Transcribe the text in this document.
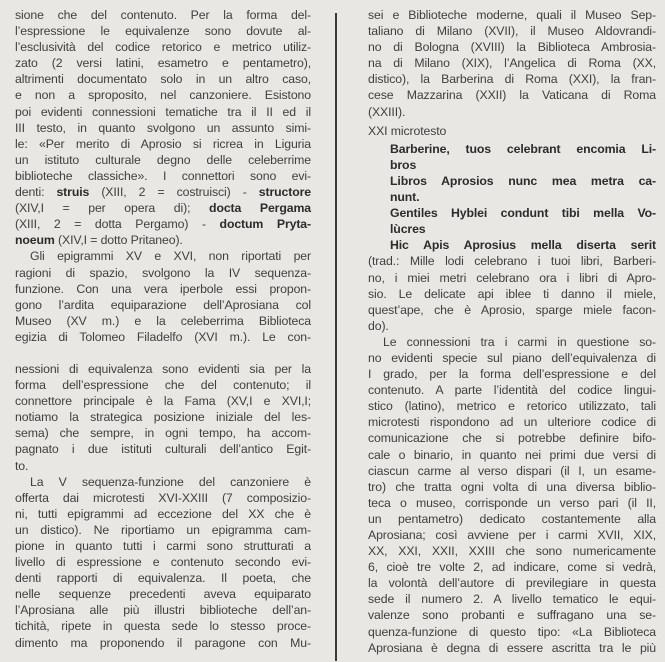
sione che del contenuto. Per la forma del-
l’espressione le equivalenze sono dovute al-
l’esclusività del codice retorico e metrico utiliz-
zato (2 versi latini, esametro e pentametro),
altrimenti documentato solo in un altro caso,
e non a sproposito, nel canzoniere. Esistono
poi evidenti connessioni tematiche tra il II ed il
III testo, in quanto svolgono un assunto simi-
le: «Per merito di Aprosio si ricrea in Liguria
un istituto culturale degno delle celeberrime
biblioteche classiche». I connettori sono evi-
denti: struis (XIII, 2 = costruisci) - structore
(XIV,I = per opera di); docta Pergama
(XIII, 2 = dotta Pergamo) - doctum Pryta-
noeum (XIV,I = dotto Pritaneo).
Gli epigrammi XV e XVI, non riportati per
ragioni di spazio, svolgono la IV sequenza-
funzione. Con una vera iperbole essi propon-
gono l’ardita equiparazione dell’Aprosiana col
Museo (XV m.) e la celeberrima Biblioteca
egizia di Tolomeo Filadelfo (XVI m.). Le con-
nessioni di equivalenza sono evidenti sia per la
forma dell’espressione che del contenuto; il
connettore principale è la Fama (XV,I e XVI,I;
notiamo la strategica posizione iniziale del les-
sema) che sempre, in ogni tempo, ha accom-
pagnato i due istituti culturali dell’antico Egit-
to.
La V sequenza-funzione del canzoniere è
offerta dai microtesti XVI-XXIII (7 composizio-
ni, tutti epigrammi ad eccezione del XX che è
un distico). Ne riportiamo un epigramma cam-
pione in quanto tutti i carmi sono strutturati a
livello di espressione e contenuto secondo evi-
denti rapporti di equivalenza. Il poeta, che
nelle sequenze precedenti aveva equiparato
l’Aprosiana alle più illustri biblioteche dell’an-
tichità, ripete in questa sede lo stesso proce-
dimento ma proponendo il paragone con Mu-
sei e Biblioteche moderne, quali il Museo Sep-
taliano di Milano (XVII), il Museo Aldovrandi-
no di Bologna (XVIII) la Biblioteca Ambrosia-
na di Milano (XIX), l’Angelica di Roma (XX,
distico), la Barberina di Roma (XXI), la fran-
cese Mazzarina (XXII) la Vaticana di Roma
(XXIII).
XXI microtesto
Barberine, tuos celebrant encomia Li-
bros
Libros Aprosios nunc mea metra ca-
nunt.
Gentiles Hyblei condunt tibi mella Vo-
lùcres
Hic Apis Aprosius mella diserta serit
(trad.: Mille lodi celebrano i tuoi libri, Barberi-
no, i miei metri celebrano ora i libri di Apro-
sio. Le delicate api iblee ti danno il miele,
quest’ape, che è Aprosio, sparge miele facon-
do).
Le connessioni tra i carmi in questione so-
no evidenti specie sul piano dell’equivalenza di
I grado, per la forma dell’espressione e del
contenuto. A parte l’identità del codice lingui-
stico (latino), metrico e retorico utilizzato, tali
microtesti rispondono ad un ulteriore codice di
comunicazione che si potrebbe definire bifo-
cale o binario, in quanto nei primi due versi di
ciascun carme al verso dispari (il I, un esame-
tro) che tratta ogni volta di una diversa biblio-
teca o museo, corrisponde un verso pari (il II,
un pentametro) dedicato costantemente alla
Aprosiana; così avviene per i carmi XVII, XIX,
XX, XXI, XXII, XXIII che sono numericamente
6, cioè tre volte 2, ad indicare, come si vedrà,
la volontà dell’autore di previlegiare in questa
sede il numero 2. A livello tematico le equi-
valenze sono probanti e suffragano una se-
quenza-funzione di questo tipo: «La Biblioteca
Aprosiana è degna di essere ascritta tra le più
